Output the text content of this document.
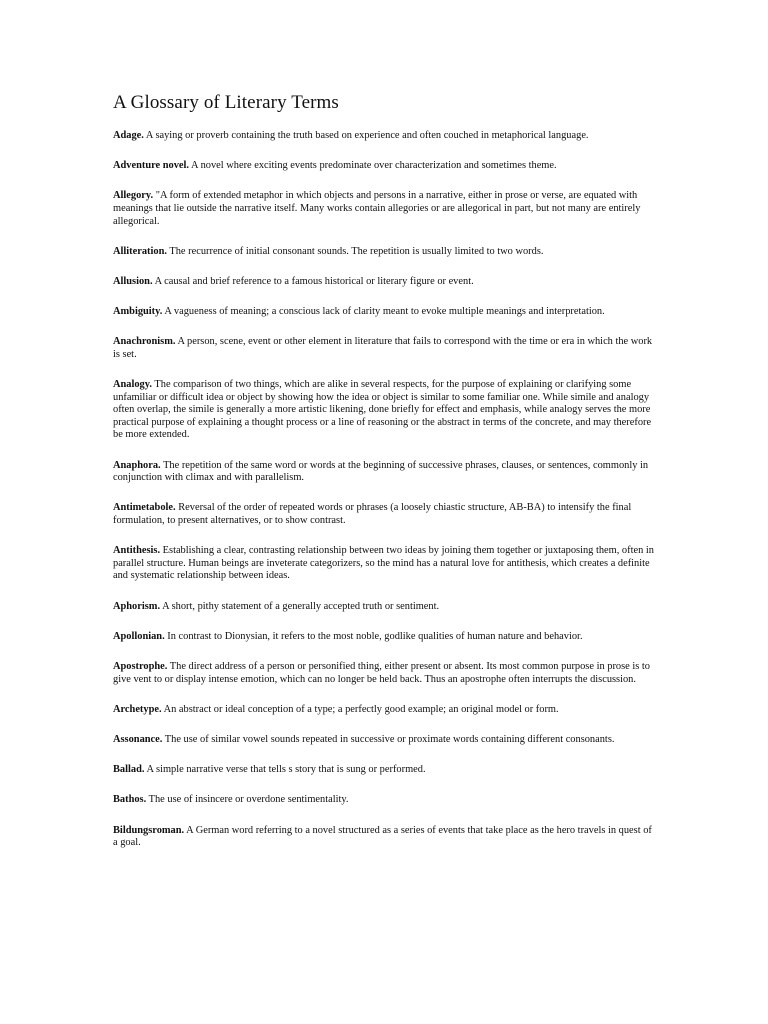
A Glossary of Literary Terms

Adage. A saying or proverb containing the truth based on experience and often couched in metaphorical language.

Adventure novel. A novel where exciting events predominate over characterization and sometimes theme.

Allegory. "A form of extended metaphor in which objects and persons in a narrative, either in prose or verse, are equated with meanings that lie outside the narrative itself. Many works contain allegories or are allegorical in part, but not many are entirely allegorical.

Alliteration. The recurrence of initial consonant sounds. The repetition is usually limited to two words.

Allusion. A causal and brief reference to a famous historical or literary figure or event.

Ambiguity. A vagueness of meaning; a conscious lack of clarity meant to evoke multiple meanings and interpretation.

Anachronism. A person, scene, event or other element in literature that fails to correspond with the time or era in which the work is set.

Analogy. The comparison of two things, which are alike in several respects, for the purpose of explaining or clarifying some unfamiliar or difficult idea or object by showing how the idea or object is similar to some familiar one. While simile and analogy often overlap, the simile is generally a more artistic likening, done briefly for effect and emphasis, while analogy serves the more practical purpose of explaining a thought process or a line of reasoning or the abstract in terms of the concrete, and may therefore be more extended.

Anaphora. The repetition of the same word or words at the beginning of successive phrases, clauses, or sentences, commonly in conjunction with climax and with parallelism.

Antimetabole. Reversal of the order of repeated words or phrases (a loosely chiastic structure, AB-BA) to intensify the final formulation, to present alternatives, or to show contrast.

Antithesis. Establishing a clear, contrasting relationship between two ideas by joining them together or juxtaposing them, often in parallel structure. Human beings are inveterate categorizers, so the mind has a natural love for antithesis, which creates a definite and systematic relationship between ideas.

Aphorism. A short, pithy statement of a generally accepted truth or sentiment.

Apollonian. In contrast to Dionysian, it refers to the most noble, godlike qualities of human nature and behavior.

Apostrophe. The direct address of a person or personified thing, either present or absent. Its most common purpose in prose is to give vent to or display intense emotion, which can no longer be held back. Thus an apostrophe often interrupts the discussion.

Archetype. An abstract or ideal conception of a type; a perfectly good example; an original model or form.

Assonance. The use of similar vowel sounds repeated in successive or proximate words containing different consonants.

Ballad. A simple narrative verse that tells s story that is sung or performed.

Bathos. The use of insincere or overdone sentimentality.

Bildungsroman. A German word referring to a novel structured as a series of events that take place as the hero travels in quest of a goal.
